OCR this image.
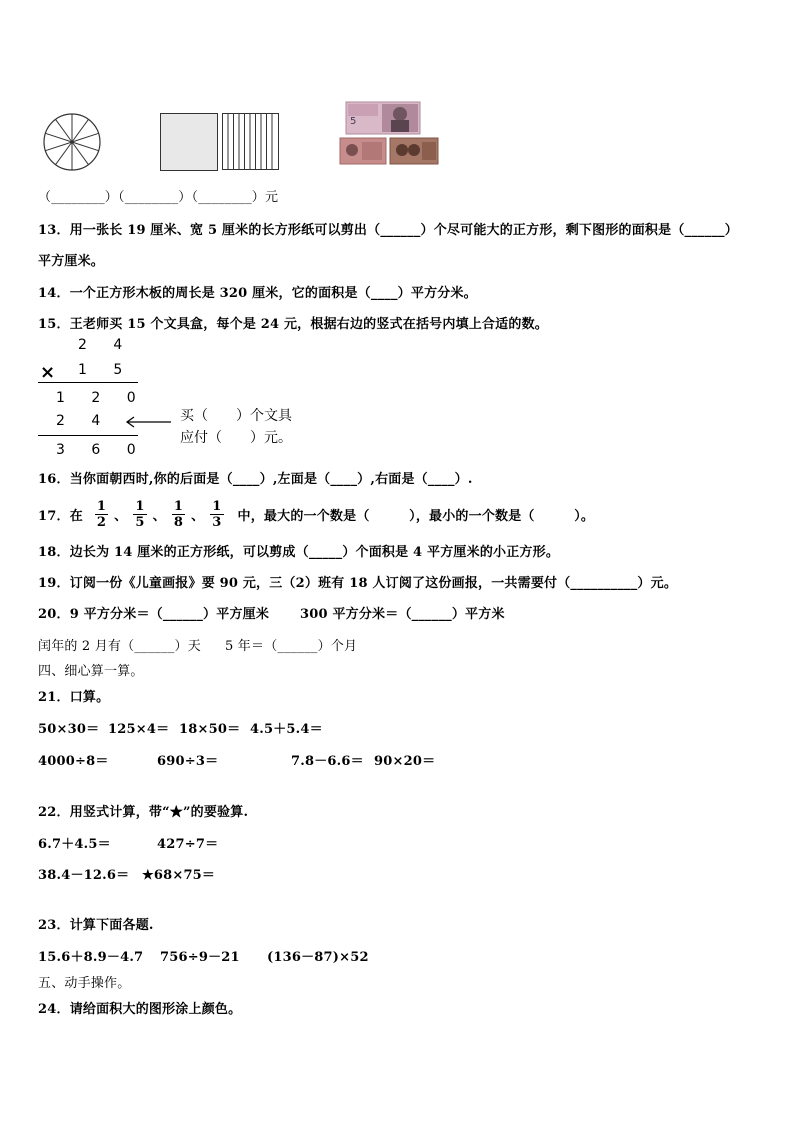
5
（________）（________）（________）元
13．用一张长 19 厘米、宽 5 厘米的长方形纸可以剪出（______）个尽可能大的正方形，剩下图形的面积是（______）
平方厘米。
14．一个正方形木板的周长是 320 厘米，它的面积是（____）平方分米。
15．王老师买 15 个文具盒，每个是 24 元，根据右边的竖式在括号内填上合适的数。
2 4
× 1 5
1 2 0
2 4
3 6 0
买（　　）个文具
应付（　　）元。
16．当你面朝西时,你的后面是（____）,左面是（____）,右面是（____）.
17．在 $\frac{1}{2}$ 、 $\frac{1}{5}$ 、 $\frac{1}{8}$ 、 $\frac{1}{3}$ 中，最大的一个数是（　　　），最小的一个数是（　　　）。
18．边长为 14 厘米的正方形纸，可以剪成（_____）个面积是 4 平方厘米的小正方形。
19．订阅一份《儿童画报》要 90 元，三（2）班有 18 人订阅了这份画报，一共需要付（__________）元。
20．9 平方分米＝（______）平方厘米 300 平方分米＝（______）平方米
闰年的 2 月有（______）天 5 年＝（______）个月
四、细心算一算。
21．口算。
50×30＝ 125×4＝ 18×50＝ 4.5＋5.4＝
4000÷8＝	690÷3＝	7.8－6.6＝ 90×20＝
22．用竖式计算，带“★”的要验算.
6.7＋4.5＝	427÷7＝
38.4－12.6＝ ★68×75＝
23．计算下面各题.
15.6＋8.9－4.7 756÷9－21 (136－87)×52
五、动手操作。
24．请给面积大的图形涂上颜色。
